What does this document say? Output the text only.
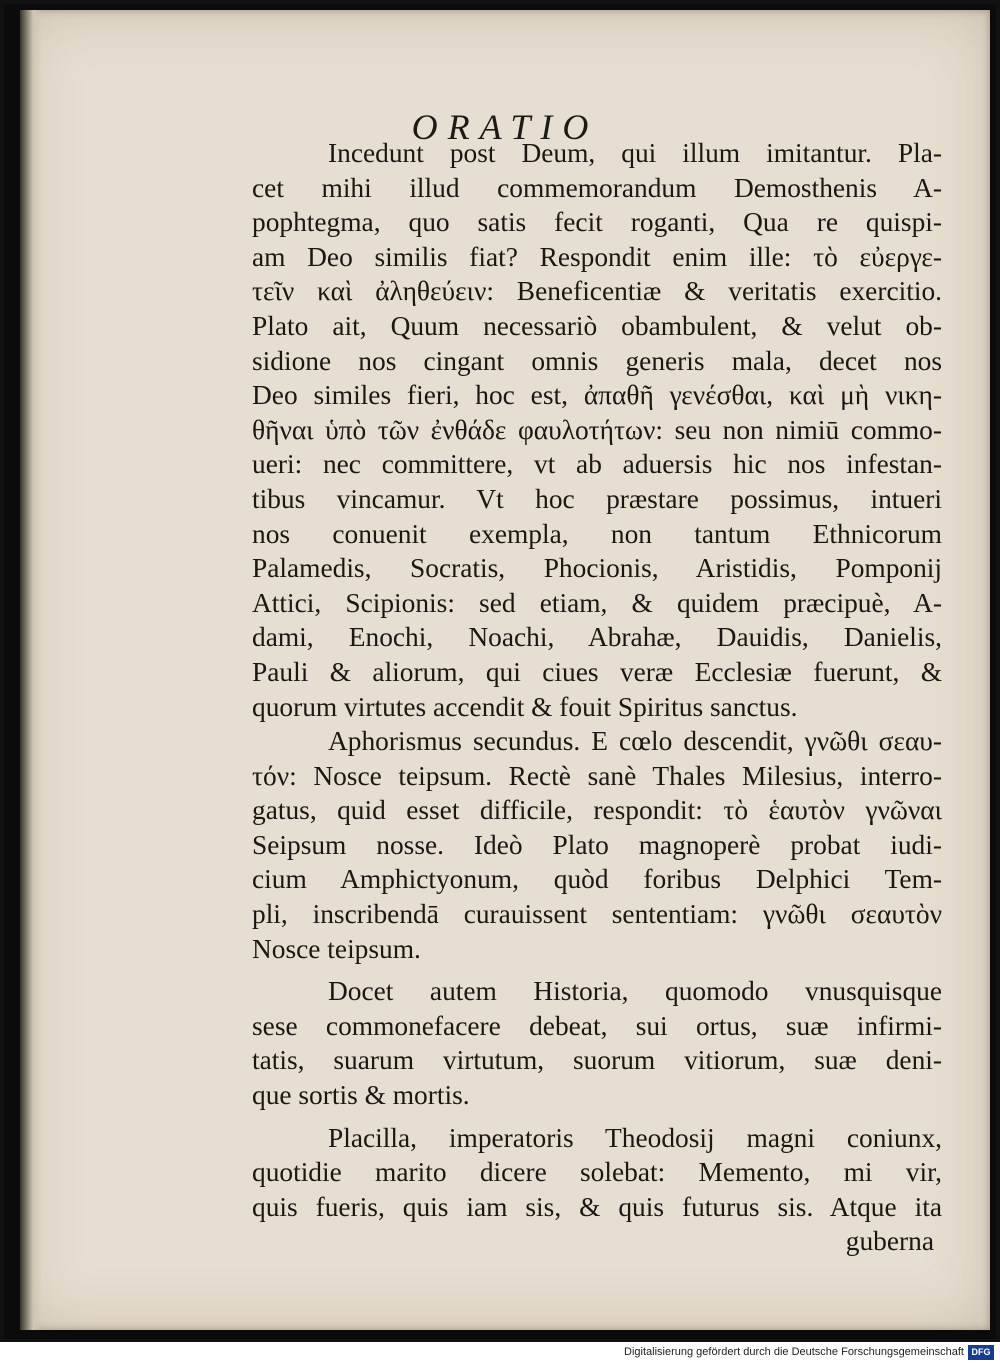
ORATIO
Incedunt post Deum, qui illum imitantur. Pla-
cet mihi illud commemorandum Demosthenis A-
pophtegma, quo satis fecit roganti, Qua re quispi-
am Deo similis fiat? Respondit enim ille: τὸ εὐεργε-
τεῖν καὶ ἀληθεύειν: Beneficentiæ & veritatis exercitio.
Plato ait, Quum necessariò obambulent, & velut ob-
sidione nos cingant omnis generis mala, decet nos
Deo similes fieri, hoc est, ἀπαθῆ γενέσθαι, καὶ μὴ νικη-
θῆναι ὑπὸ τῶν ἐνθάδε φαυλοτήτων: seu non nimiū commo-
ueri: nec committere, vt ab aduersis hic nos infestan-
tibus vincamur. Vt hoc præstare possimus, intueri
nos conuenit exempla, non tantum Ethnicorum
Palamedis, Socratis, Phocionis, Aristidis, Pomponij
Attici, Scipionis: sed etiam, & quidem præcipuè, A-
dami, Enochi, Noachi, Abrahæ, Dauidis, Danielis,
Pauli & aliorum, qui ciues veræ Ecclesiæ fuerunt, &
quorum virtutes accendit & fouit Spiritus sanctus.
Aphorismus secundus. E cœlo descendit, γνῶθι σεαυ-
τόν: Nosce teipsum. Rectè sanè Thales Milesius, interro-
gatus, quid esset difficile, respondit: τὸ ἑαυτὸν γνῶναι
Seipsum nosse. Ideò Plato magnoperè probat iudi-
cium Amphictyonum, quòd foribus Delphici Tem-
pli, inscribendā curauissent sententiam: γνῶθι σεαυτὸν
Nosce teipsum.
Docet autem Historia, quomodo vnusquisque
sese commonefacere debeat, sui ortus, suæ infirmi-
tatis, suarum virtutum, suorum vitiorum, suæ deni-
que sortis & mortis.
Placilla, imperatoris Theodosij magni coniunx,
quotidie marito dicere solebat: Memento, mi vir,
quis fueris, quis iam sis, & quis futurus sis. Atque ita
guberna
Digitalisierung gefördert durch die Deutsche Forschungsgemeinschaft DFG
